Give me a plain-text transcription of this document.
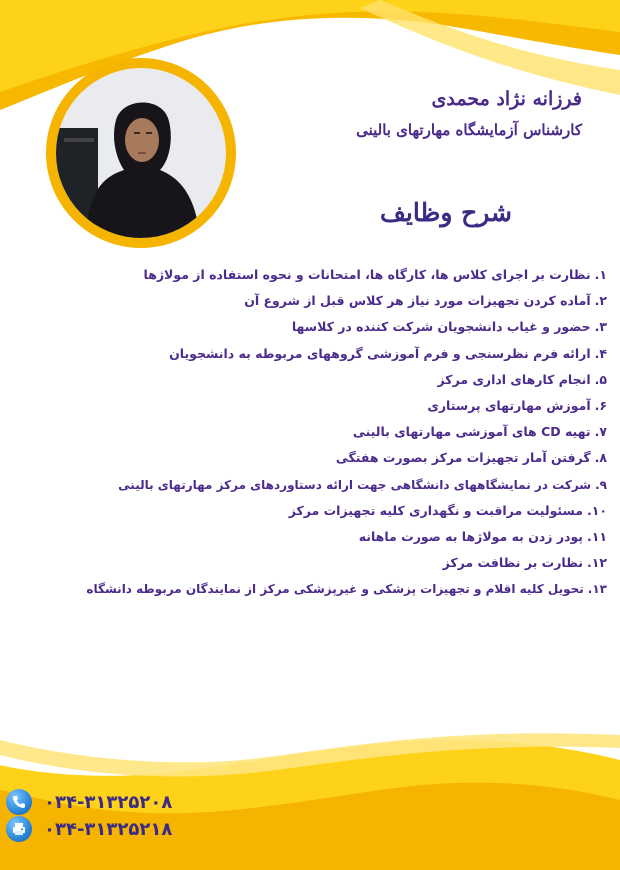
فرزانه نژاد محمدی
کارشناس آزمایشگاه مهارتهای بالینی
شرح وظایف
۱.نظارت بر اجرای کلاس ها، کارگاه ها، امتحانات و نحوه استفاده از مولاژها
۲.آماده کردن تجهیزات مورد نیاز هر کلاس قبل از شروع آن
۳.حضور و غیاب دانشجویان شرکت کننده در کلاسها
۴.ارائه فرم نظرسنجی و فرم آموزشی گروههای مربوطه به دانشجویان
۵.انجام کارهای اداری مرکز
۶.آموزش مهارتهای پرستاری
۷.تهیه CD های آموزشی مهارتهای بالینی
۸.گرفتن آمار تجهیزات مرکز بصورت هفتگی
۹.شرکت در نمایشگاههای دانشگاهی جهت ارائه دستاوردهای مرکز مهارتهای بالینی
۱۰.مسئولیت مراقبت و نگهداری کلیه تجهیزات مرکز
۱۱.پودر زدن به مولاژها به صورت ماهانه
۱۲.نظارت بر نظافت مرکز
۱۳.تحویل کلیه اقلام و تجهیزات پزشکی و غیرپزشکی مرکز از نمایندگان مربوطه دانشگاه
۰۳۴-۳۱۳۲۵۲۰۸
۰۳۴-۳۱۳۲۵۲۱۸
